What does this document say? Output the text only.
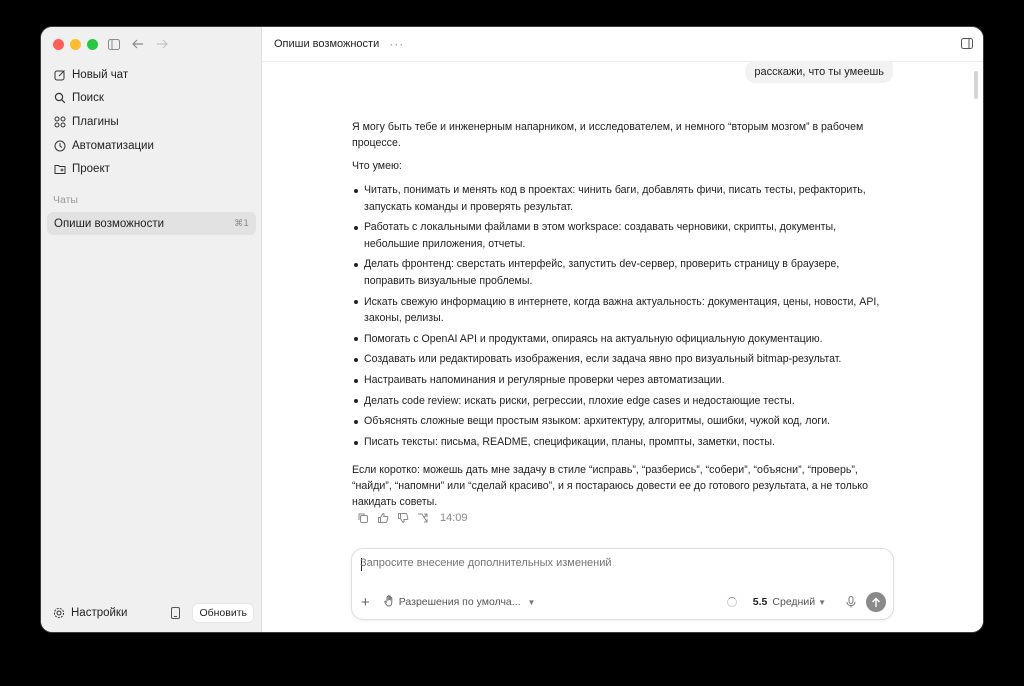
Новый чат
Поиск
Плагины
Автоматизации
Проект
Чаты
Опиши возможности	⌘1
Настройки	Обновить
Опиши возможности ···
расскажи, что ты умеешь

Я могу быть тебе и инженерным напарником, и исследователем, и немного “вторым мозгом” в рабочем процессе.

Что умею:

Читать, понимать и менять код в проектах: чинить баги, добавлять фичи, писать тесты, рефакторить, запускать команды и проверять результат.
Работать с локальными файлами в этом workspace: создавать черновики, скрипты, документы, небольшие приложения, отчеты.
Делать фронтенд: сверстать интерфейс, запустить dev-сервер, проверить страницу в браузере, поправить визуальные проблемы.
Искать свежую информацию в интернете, когда важна актуальность: документация, цены, новости, API, законы, релизы.
Помогать с OpenAI API и продуктами, опираясь на актуальную официальную документацию.
Создавать или редактировать изображения, если задача явно про визуальный bitmap-результат.
Настраивать напоминания и регулярные проверки через автоматизации.
Делать code review: искать риски, регрессии, плохие edge cases и недостающие тесты.
Объяснять сложные вещи простым языком: архитектуру, алгоритмы, ошибки, чужой код, логи.
Писать тексты: письма, README, спецификации, планы, промпты, заметки, посты.

Если коротко: можешь дать мне задачу в стиле “исправь”, “разберись”, “собери”, “объясни”, “проверь”, “найди”, “напомни” или “сделай красиво”, и я постараюсь довести ее до готового результата, а не только накидать советы.

14:09
Запросите внесение дополнительных изменений
+	Разрешения по умолча... ▼	5.5 Средний ▼
